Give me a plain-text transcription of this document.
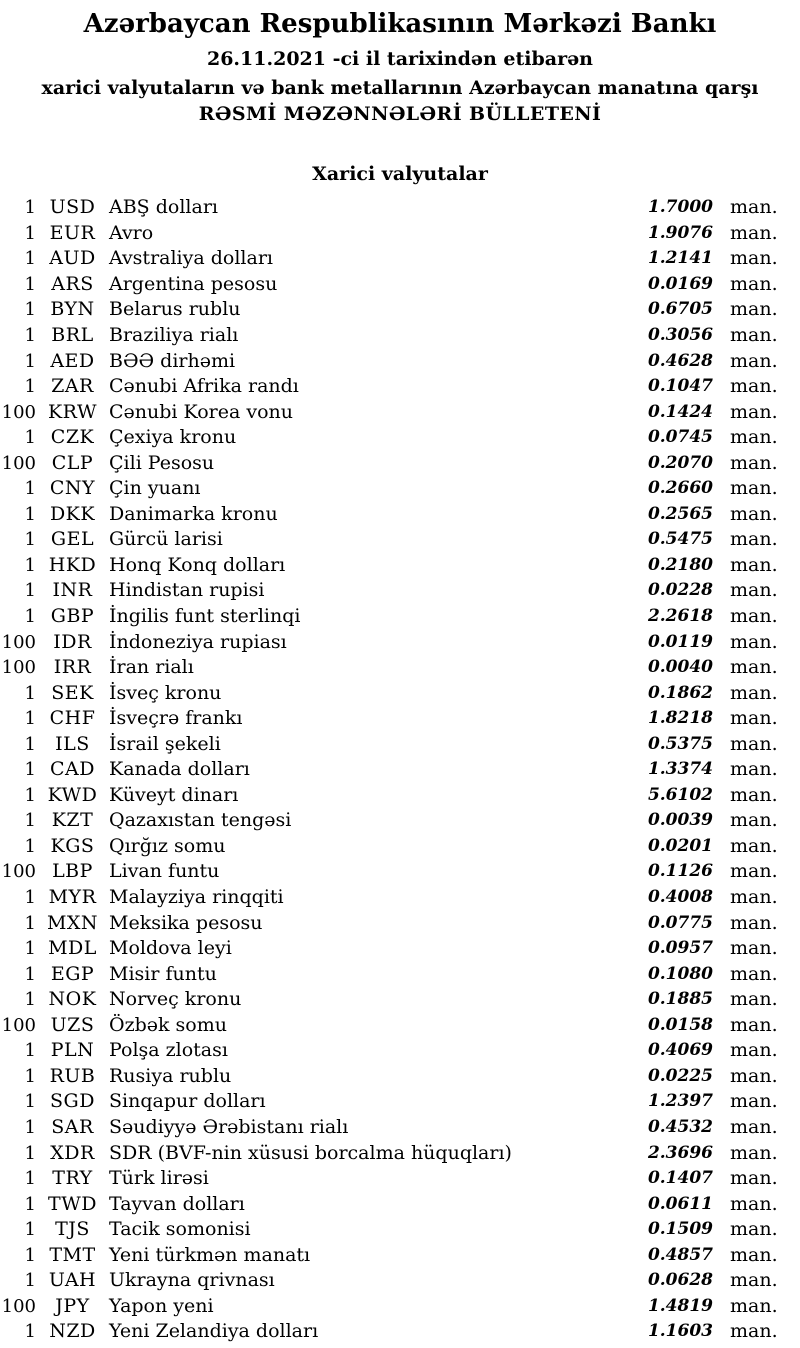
Azərbaycan Respublikasının Mərkəzi Bankı
26.11.2021 -ci il tarixindən etibarən
xarici valyutaların və bank metallarının Azərbaycan manatına qarşı
RƏSMİ MƏZƏNNƏLƏRİ BÜLLETENİ
Xarici valyutalar
1 USD ABŞ dolları	1.7000 man.
1 EUR Avro	1.9076 man.
1 AUD Avstraliya dolları	1.2141 man.
1 ARS Argentina pesosu	0.0169 man.
1 BYN Belarus rublu	0.6705 man.
1 BRL Braziliya rialı	0.3056 man.
1 AED BƏƏ dirhəmi	0.4628 man.
1 ZAR Cənubi Afrika randı	0.1047 man.
100 KRW Cənubi Korea vonu	0.1424 man.
1 CZK Çexiya kronu	0.0745 man.
100 CLP Çili Pesosu	0.2070 man.
1 CNY Çin yuanı	0.2660 man.
1 DKK Danimarka kronu	0.2565 man.
1 GEL Gürcü larisi	0.5475 man.
1 HKD Honq Konq dolları	0.2180 man.
1 INR Hindistan rupisi	0.0228 man.
1 GBP İngilis funt sterlinqi	2.2618 man.
100 IDR İndoneziya rupiası	0.0119 man.
100 IRR İran rialı	0.0040 man.
1 SEK İsveç kronu	0.1862 man.
1 CHF İsveçrə frankı	1.8218 man.
1	ILS	İsrail şekeli	0.5375 man.
1 CAD Kanada dolları	1.3374 man.
1 KWD Küveyt dinarı	5.6102 man.
1 KZT Qazaxıstan tengəsi	0.0039 man.
1 KGS Qırğız somu	0.0201 man.
100 LBP Livan funtu	0.1126 man.
1 MYR Malayziya rinqqiti	0.4008 man.
1 MXN Meksika pesosu	0.0775 man.
1 MDL Moldova leyi	0.0957 man.
1 EGP Misir funtu	0.1080 man.
1 NOK Norveç kronu	0.1885 man.
100 UZS Özbək somu	0.0158 man.
1 PLN Polşa zlotası	0.4069 man.
1 RUB Rusiya rublu	0.0225 man.
1 SGD Sinqapur dolları	1.2397 man.
1 SAR Səudiyyə Ərəbistanı rialı	0.4532 man.
1 XDR SDR (BVF-nin xüsusi borcalma hüquqları)	2.3696 man.
1 TRY Türk lirəsi	0.1407 man.
1 TWD Tayvan dolları	0.0611 man.
1	TJS	Tacik somonisi	0.1509 man.
1 TMT Yeni türkmən manatı	0.4857 man.
1 UAH Ukrayna qrivnası	0.0628 man.
100	JPY	Yapon yeni	1.4819 man.
1 NZD Yeni Zelandiya dolları	1.1603 man.
